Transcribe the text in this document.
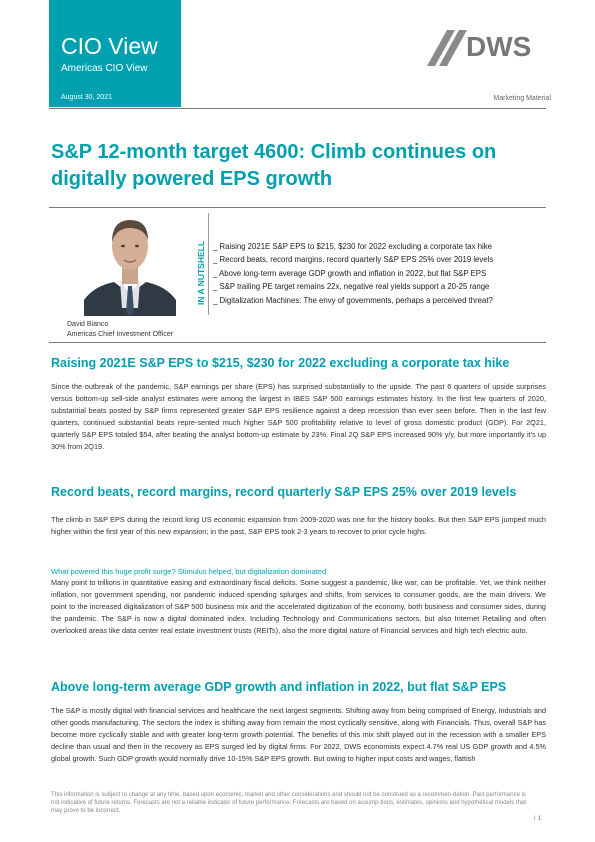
CIO View
Americas CIO View
August 30, 2021	Marketing Material
DWS
S&P 12-month target 4600: Climb continues on digitally powered EPS growth
David Bianco
Americas Chief Investment Officer
IN A NUTSHELL
_	Raising 2021E S&P EPS to $215, $230 for 2022 excluding a corporate tax hike
_ Record beats, record margins, record quarterly S&P EPS 25% over 2019 levels
_ Above long-term average GDP growth and inflation in 2022, but flat S&P EPS
_ S&P trailing PE target remains 22x, negative real yields support a 20-25 range
_ Digitalization Machines: The envy of governments, perhaps a perceived threat?
Raising 2021E S&P EPS to $215, $230 for 2022 excluding a corporate tax hike

Since the outbreak of the pandemic, S&P earnings per share (EPS) has surprised substantially to the upside. The past 6 quarters of upside surprises versus bottom-up sell-side analyst estimates were among the largest in IBES S&P 500 earnings estimates history. In the first few quarters of 2020, substantial beats posted by S&P firms represented greater S&P EPS resilience against a deep recession than ever seen before. Then in the last few quarters, continued substantial beats repre-sented much higher S&P 500 profitability relative to level of gross domestic product (GDP). For 2Q21, quarterly S&P EPS totaled $54, after beating the analyst bottom-up estimate by 23%. Final 2Q S&P EPS increased 90% y/y, but more importantly it's up 30% from 2Q19.

Record beats, record margins, record quarterly S&P EPS 25% over 2019 levels

The climb in S&P EPS during the record long US economic expansion from 2009-2020 was one for the history books. But then S&P EPS jumped much higher within the first year of this new expansion; in the past, S&P EPS took 2-3 years to recover to prior cycle highs.

What powered this huge profit surge? Stimulus helped, but digitalization dominated

Many point to trillions in quantitative easing and extraordinary fiscal deficits. Some suggest a pandemic, like war, can be profitable. Yet, we think neither inflation, nor government spending, nor pandemic induced spending splurges and shifts, from services to consumer goods, are the main drivers. We point to the increased digitalization of S&P 500 business mix and the accelerated digitization of the economy, both business and consumer sides, during the pandemic. The S&P is now a digital dominated index. Including Technology and Communications sectors, but also Internet Retailing and often overlooked areas like data center real estate investment trusts (REITs), also the more digital nature of Financial services and high tech electric auto.

Above long-term average GDP growth and inflation in 2022, but flat S&P EPS

The S&P is mostly digital with financial services and healthcare the next largest segments. Shifting away from being comprised of Energy, Industrials and other goods manufacturing. The sectors the index is shifting away from remain the most cyclically sensitive, along with Financials. Thus, overall S&P has become more cyclically stable and with greater long-term growth potential. The benefits of this mix shift played out in the recession with a smaller EPS decline than usual and then in the recovery as EPS surged led by digital firms. For 2022, DWS economists expect 4.7% real US GDP growth and 4.5% global growth. Such GDP growth would normally drive 10-15% S&P EPS growth. But owing to higher input costs and wages, flattish

This information is subject to change at any time, based upon economic, market and other considerations and should not be construed as a recommen-dation. Past performance is not indicative of future returns. Forecasts are not a reliable indicator of future performance. Forecasts are based on assump-tions, estimates, opinions and hypothetical models that may prove to be incorrect.

/ 1
